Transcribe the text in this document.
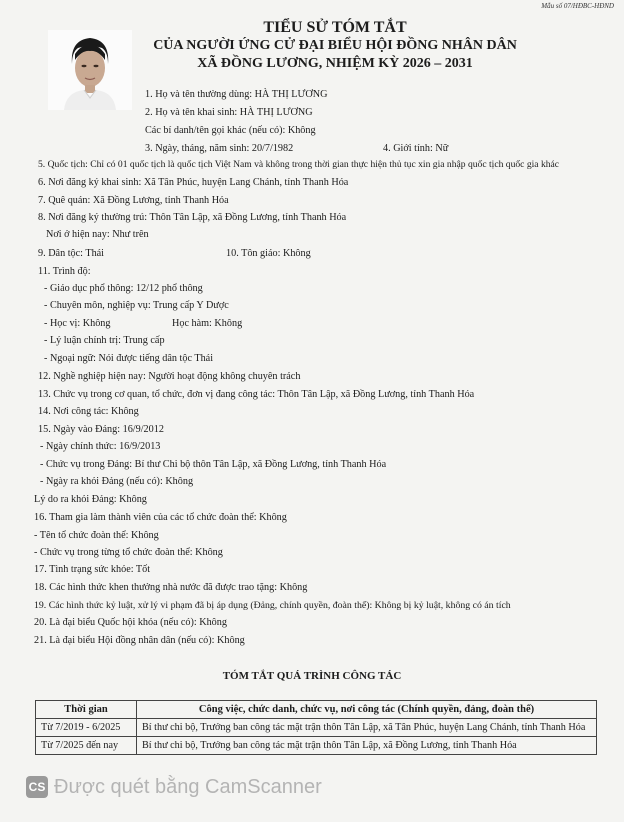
Mẫu số 07/HĐBC-HĐND
TIỂU SỬ TÓM TẮT
CỦA NGƯỜI ỨNG CỬ ĐẠI BIỂU HỘI ĐỒNG NHÂN DÂN
XÃ ĐỒNG LƯƠNG, NHIỆM KỲ 2026 – 2031
1. Họ và tên thường dùng: HÀ THỊ LƯƠNG
2. Họ và tên khai sinh: HÀ THỊ LƯƠNG
Các bí danh/tên gọi khác (nếu có): Không
3. Ngày, tháng, năm sinh: 20/7/1982	4. Giới tính: Nữ
5. Quốc tịch: Chỉ có 01 quốc tịch là quốc tịch Việt Nam và không trong thời gian thực hiện thủ tục xin gia nhập quốc tịch quốc gia khác
6. Nơi đăng ký khai sinh: Xã Tân Phúc, huyện Lang Chánh, tỉnh Thanh Hóa
7. Quê quán: Xã Đồng Lương, tỉnh Thanh Hóa
8. Nơi đăng ký thường trú: Thôn Tân Lập, xã Đồng Lương, tỉnh Thanh Hóa
Nơi ở hiện nay: Như trên
9. Dân tộc: Thái	10. Tôn giáo: Không
11. Trình độ:
- Giáo dục phổ thông: 12/12 phổ thông
- Chuyên môn, nghiệp vụ: Trung cấp Y Dược
- Học vị: Không	Học hàm: Không
- Lý luận chính trị: Trung cấp
- Ngoại ngữ: Nói được tiếng dân tộc Thái
12. Nghề nghiệp hiện nay: Người hoạt động không chuyên trách
13. Chức vụ trong cơ quan, tổ chức, đơn vị đang công tác: Thôn Tân Lập, xã Đồng Lương, tỉnh Thanh Hóa
14. Nơi công tác: Không
15. Ngày vào Đảng: 16/9/2012
- Ngày chính thức: 16/9/2013
- Chức vụ trong Đảng: Bí thư Chi bộ thôn Tân Lập, xã Đồng Lương, tỉnh Thanh Hóa
- Ngày ra khỏi Đảng (nếu có): Không
Lý do ra khỏi Đảng: Không
16. Tham gia làm thành viên của các tổ chức đoàn thể: Không
- Tên tổ chức đoàn thể: Không
- Chức vụ trong từng tổ chức đoàn thể: Không
17. Tình trạng sức khỏe: Tốt
18. Các hình thức khen thưởng nhà nước đã được trao tặng: Không
19. Các hình thức kỷ luật, xử lý vi phạm đã bị áp dụng (Đảng, chính quyền, đoàn thể): Không bị kỷ luật, không có án tích
20. Là đại biểu Quốc hội khóa (nếu có): Không
21. Là đại biểu Hội đồng nhân dân (nếu có): Không
TÓM TẮT QUÁ TRÌNH CÔNG TÁC
Thời gian	Công việc, chức danh, chức vụ, nơi công tác (Chính quyền, đảng, đoàn thể)
Từ 7/2019 - 6/2025	Bí thư chi bộ, Trưởng ban công tác mặt trận thôn Tân Lập, xã Tân Phúc, huyện Lang Chánh, tỉnh Thanh Hóa
Từ 7/2025 đến nay	Bí thư chi bộ, Trưởng ban công tác mặt trận thôn Tân Lập, xã Đồng Lương, tỉnh Thanh Hóa
CS Được quét bằng CamScanner
